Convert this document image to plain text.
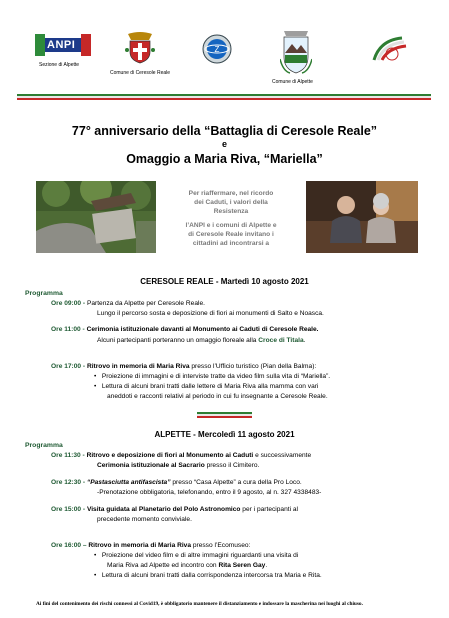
ANPI
Sezione di Alpette
Comune di Ceresole Reale
Z
Comune di Alpette
77° anniversario della “Battaglia di Ceresole Reale”
e
Omaggio a Maria Riva, “Mariella”
Per riaffermare, nel ricordo
dei Caduti, i valori della
Resistenza
l’ANPI e i comuni di Alpette e
di Ceresole Reale invitano i
cittadini ad incontrarsi a
CERESOLE REALE - Martedì 10 agosto 2021
Programma
Ore 09:00 - Partenza da Alpette per Ceresole Reale.
Lungo il percorso sosta e deposizione di fiori ai monumenti di Salto e Noasca.
Ore 11:00 - Cerimonia istituzionale davanti al Monumento ai Caduti di Ceresole Reale.
Alcuni partecipanti porteranno un omaggio floreale alla Croce di Titala.
Ore 17:00 - Ritrovo in memoria di Maria Riva presso l’Ufficio turistico (Pian della Balma):
•   Proiezione di immagini e di interviste tratte da video film sulla vita di “Mariella”.
•   Lettura di alcuni brani tratti dalle lettere di Maria Riva alla mamma con vari
aneddoti e racconti relativi al periodo in cui fu insegnante a Ceresole Reale.
ALPETTE - Mercoledì 11 agosto 2021
Programma
Ore 11:30 - Ritrovo e deposizione di fiori al Monumento ai Caduti e successivamente
Cerimonia istituzionale al Sacrario presso il Cimitero.
Ore 12:30 - “Pastasciutta antifascista” presso “Casa Alpette” a cura della Pro Loco.
-Prenotazione obbligatoria, telefonando, entro il 9 agosto, al n. 327 4338483-
Ore 15:00 - Visita guidata al Planetario del Polo Astronomico per i partecipanti al
precedente momento conviviale.
Ore 16:00 – Ritrovo in memoria di Maria Riva presso l’Ecomuseo:
•   Proiezione del video film e di altre immagini riguardanti una visita di
Maria Riva ad Alpette ed incontro con Rita Seren Gay.
•   Lettura di alcuni brani tratti dalla corrispondenza intercorsa tra Maria e Rita.
Ai fini del contenimento dei rischi connessi al Covid19, è obbligatorio mantenere il distanziamento e indossare la mascherina nei luoghi al chiuso.
